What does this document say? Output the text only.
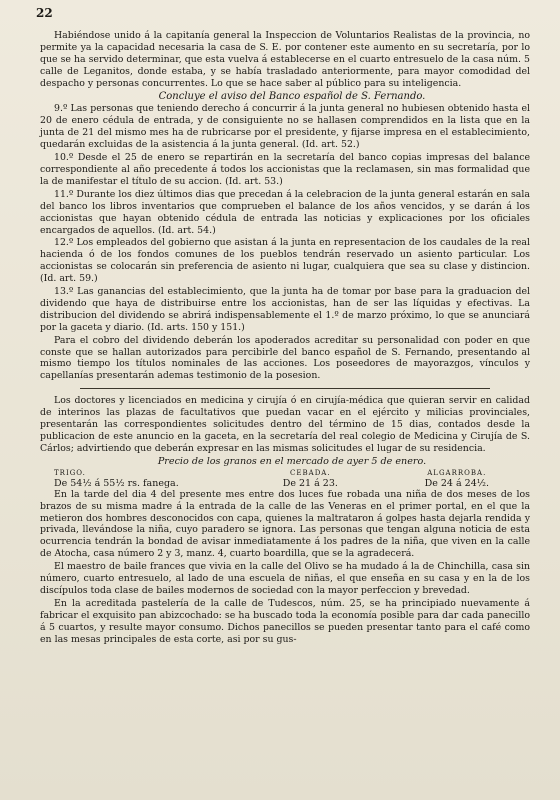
22

Habiéndose unido á la capitanía general la Inspeccion de Voluntarios Realistas de la provincia, no permite ya la capacidad necesaria la casa de S. E. por contener este aumento en su secretaría, por lo que se ha servido determinar, que esta vuelva á establecerse en el cuarto entresuelo de la casa núm. 5 calle de Leganitos, donde estaba, y se había trasladado anteriormente, para mayor comodidad del despacho y personas concurrentes. Lo que se hace saber al público para su inteligencia.

Concluye el aviso del Banco español de S. Fernando.

9.º Las personas que teniendo derecho á concurrir á la junta general no hubiesen obtenido hasta el 20 de enero cédula de entrada, y de consiguiente no se hallasen comprendidos en la lista que en la junta de 21 del mismo mes ha de rubricarse por el presidente, y fijarse impresa en el establecimiento, quedarán excluidas de la asistencia á la junta general. (Id. art. 52.)

10.º Desde el 25 de enero se repartirán en la secretaría del banco copias impresas del balance correspondiente al año precedente á todos los accionistas que la reclamasen, sin mas formalidad que la de manifestar el título de su accion. (Id. art. 53.)

11.º Durante los diez últimos dias que precedan á la celebracion de la junta general estarán en sala del banco los libros inventarios que comprueben el balance de los años vencidos, y se darán á los accionistas que hayan obtenido cédula de entrada las noticias y explicaciones por los oficiales encargados de aquellos. (Id. art. 54.)

12.º Los empleados del gobierno que asistan á la junta en representacion de los caudales de la real hacienda ó de los fondos comunes de los pueblos tendrán reservado un asiento particular. Los accionistas se colocarán sin preferencia de asiento ni lugar, cualquiera que sea su clase y distincion. (Id. art. 59.)

13.º Las ganancias del establecimiento, que la junta ha de tomar por base para la graduacion del dividendo que haya de distribuirse entre los accionistas, han de ser las líquidas y efectivas. La distribucion del dividendo se abrirá indispensablemente el 1.º de marzo próximo, lo que se anunciará por la gaceta y diario. (Id. arts. 150 y 151.)

Para el cobro del dividendo deberán los apoderados acreditar su personalidad con poder en que conste que se hallan autorizados para percibirle del banco español de S. Fernando, presentando al mismo tiempo los títulos nominales de las acciones. Los poseedores de mayorazgos, vínculos y capellanías presentarán ademas testimonio de la posesion.

Los doctores y licenciados en medicina y cirujía ó en cirujía-médica que quieran servir en calidad de interinos las plazas de facultativos que puedan vacar en el ejército y milicias provinciales, presentarán las correspondientes solicitudes dentro del término de 15 dias, contados desde la publicacion de este anuncio en la gaceta, en la secretaría del real colegio de Medicina y Cirujía de S. Cárlos; advirtiendo que deberán expresar en las mismas solicitudes el lugar de su residencia.

Precio de los granos en el mercado de ayer 5 de enero.

TRIGO.	CEBADA.	ALGARROBA.
De 54½ á 55½ rs. fanega.	De 21 á 23.	De 24 á 24½.

En la tarde del dia 4 del presente mes entre dos luces fue robada una niña de dos meses de los brazos de su misma madre á la entrada de la calle de las Veneras en el primer portal, en el que la metieron dos hombres desconocidos con capa, quienes la maltrataron á golpes hasta dejarla rendida y privada, llevándose la niña, cuyo paradero se ignora. Las personas que tengan alguna noticia de esta ocurrencia tendrán la bondad de avisar inmediatamente á los padres de la niña, que viven en la calle de Atocha, casa número 2 y 3, manz. 4, cuarto boardilla, que se la agradecerá.

El maestro de baile frances que vivia en la calle del Olivo se ha mudado á la de Chinchilla, casa sin número, cuarto entresuelo, al lado de una escuela de niñas, el que enseña en su casa y en la de los discípulos toda clase de bailes modernos de sociedad con la mayor perfeccion y brevedad.

En la acreditada pastelería de la calle de Tudescos, núm. 25, se ha principiado nuevamente á fabricar el exquisito pan abizcochado: se ha buscado toda la economía posible para dar cada panecillo á 5 cuartos, y resulte mayor consumo. Dichos panecillos se pueden presentar tanto para el café como en las mesas principales de esta corte, asi por su gus-
